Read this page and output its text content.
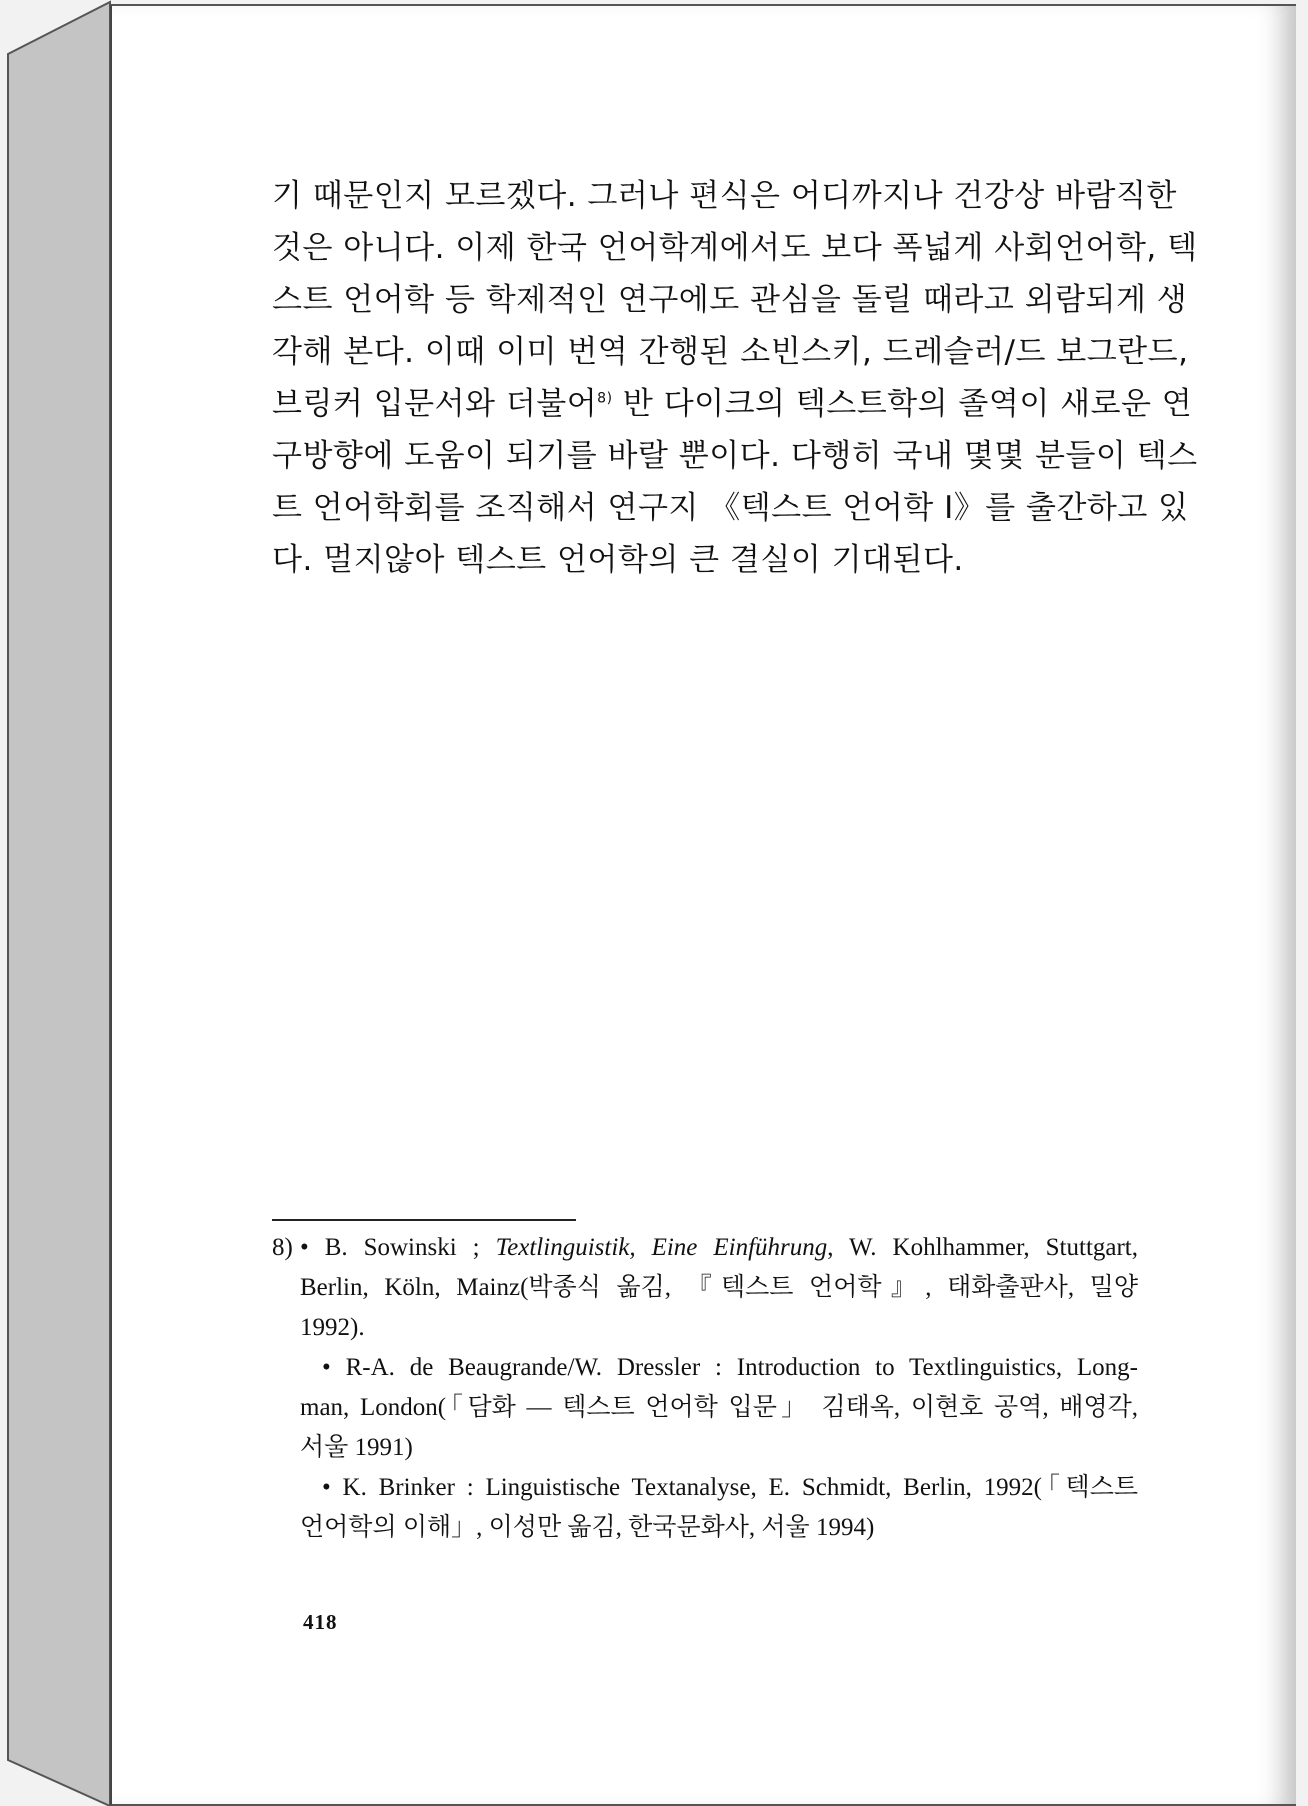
기 때문인지 모르겠다. 그러나 편식은 어디까지나 건강상 바람직한
것은 아니다. 이제 한국 언어학계에서도 보다 폭넓게 사회언어학, 텍
스트 언어학 등 학제적인 연구에도 관심을 돌릴 때라고 외람되게 생
각해 본다. 이때 이미 번역 간행된 소빈스키, 드레슬러/드 보그란드,
브링커 입문서와 더불어$^{8)}$ 반 다이크의 텍스트학의 졸역이 새로운 연
구방향에 도움이 되기를 바랄 뿐이다. 다행히 국내 몇몇 분들이 텍스
트 언어학회를 조직해서 연구지 《텍스트 언어학 Ⅰ》를 출간하고 있
다. 멀지않아 텍스트 언어학의 큰 결실이 기대된다.
8) • B. Sowinski ; Textlinguistik, Eine Einführung, W. Kohlhammer, Stuttgart,
Berlin, Köln, Mainz(박종식 옮김, 『텍스트 언어학』, 태화출판사, 밀양
1992).
• R-A. de Beaugrande/W. Dressler : Introduction to Textlinguistics, Long-
man, London(「담화 — 텍스트 언어학 입문」 김태옥, 이현호 공역, 배영각,
서울 1991)
• K. Brinker : Linguistische Textanalyse, E. Schmidt, Berlin, 1992(「텍스트
언어학의 이해」, 이성만 옮김, 한국문화사, 서울 1994)
418
